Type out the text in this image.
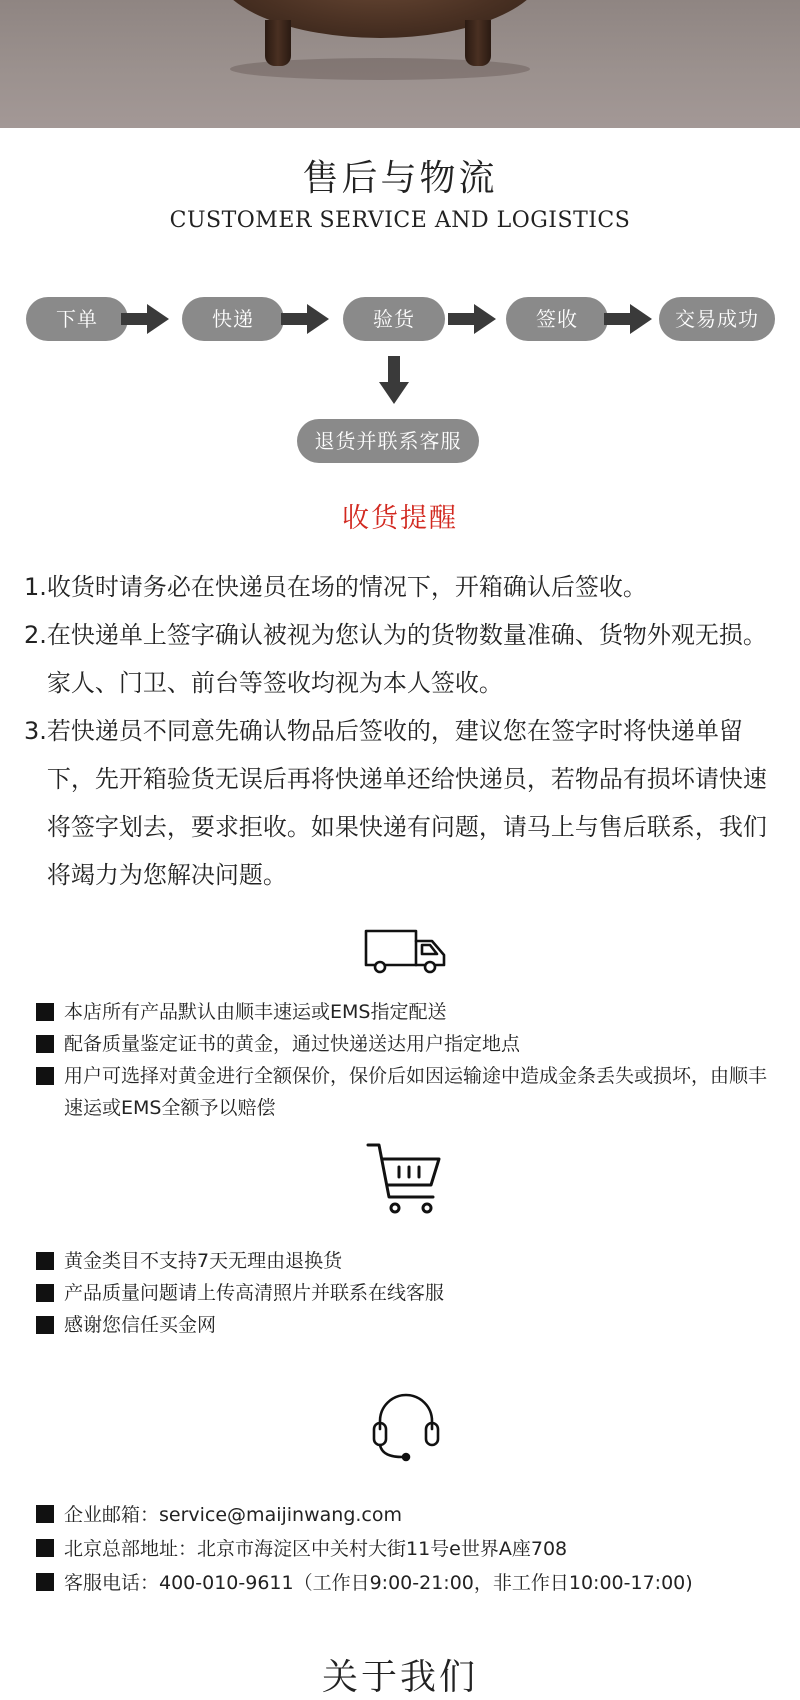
售后与物流
CUSTOMER SERVICE AND LOGISTICS
下单	快递	验货	签收	交易成功
退货并联系客服
收货提醒
1. 收货时请务必在快递员在场的情况下，开箱确认后签收。
2. 在快递单上签字确认被视为您认为的货物数量准确、货物外观无损。家人、门卫、前台等签收均视为本人签收。
3. 若快递员不同意先确认物品后签收的，建议您在签字时将快递单留下，先开箱验货无误后再将快递单还给快递员，若物品有损坏请快速将签字划去，要求拒收。如果快递有问题，请马上与售后联系，我们将竭力为您解决问题。
本店所有产品默认由顺丰速运或EMS指定配送
配备质量鉴定证书的黄金，通过快递送达用户指定地点
用户可选择对黄金进行全额保价，保价后如因运输途中造成金条丢失或损坏，由顺丰速运或EMS全额予以赔偿
黄金类目不支持7天无理由退换货
产品质量问题请上传高清照片并联系在线客服
感谢您信任买金网
企业邮箱：service@maijinwang.com
北京总部地址：北京市海淀区中关村大街11号e世界A座708
客服电话：400-010-9611（工作日9:00-21:00，非工作日10:00-17:00)
关于我们
